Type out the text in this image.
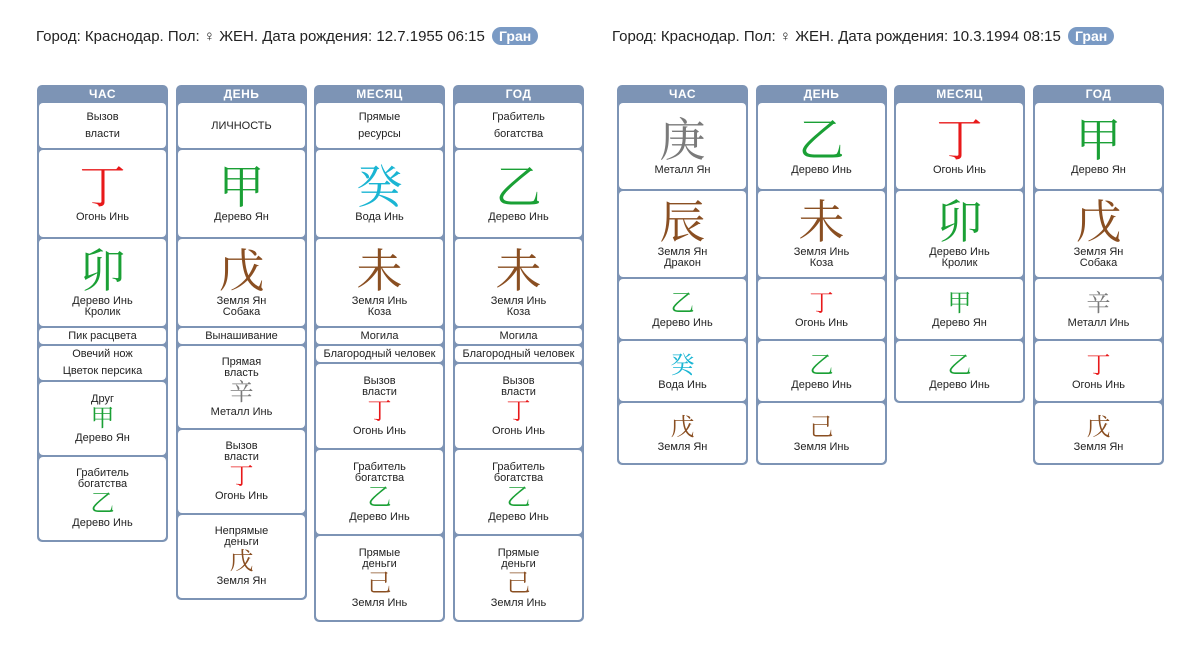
Город: Краснодар. Пол: ♀ ЖЕН. Дата рождения: 12.7.1955 06:15 Гран
ЧАС
Вызов
власти
丁
Огонь Инь
卯
Дерево Инь
Кролик
Пик расцвета
Овечий нож
Цветок персика
Друг
甲
Дерево Ян
Грабитель
богатства
乙
Дерево Инь
ДЕНЬ
ЛИЧНОСТЬ
甲
Дерево Ян
戊
Земля Ян
Собака
Вынашивание
Прямая
власть
辛
Металл Инь
Вызов
власти
丁
Огонь Инь
Непрямые
деньги
戊
Земля Ян
МЕСЯЦ
Прямые
ресурсы
癸
Вода Инь
未
Земля Инь
Коза
Могила
Благородный человек
Вызов
власти
丁
Огонь Инь
Грабитель
богатства
乙
Дерево Инь
Прямые
деньги
己
Земля Инь
ГОД
Грабитель
богатства
乙
Дерево Инь
未
Земля Инь
Коза
Могила
Благородный человек
Вызов
власти
丁
Огонь Инь
Грабитель
богатства
乙
Дерево Инь
Прямые
деньги
己
Земля Инь
Город: Краснодар. Пол: ♀ ЖЕН. Дата рождения: 10.3.1994 08:15 Гран
ЧАС
庚
Металл Ян
辰
Земля Ян
Дракон
乙
Дерево Инь
癸
Вода Инь
戊
Земля Ян
ДЕНЬ
乙
Дерево Инь
未
Земля Инь
Коза
丁
Огонь Инь
乙
Дерево Инь
己
Земля Инь
МЕСЯЦ
丁
Огонь Инь
卯
Дерево Инь
Кролик
甲
Дерево Ян
乙
Дерево Инь
ГОД
甲
Дерево Ян
戊
Земля Ян
Собака
辛
Металл Инь
丁
Огонь Инь
戊
Земля Ян
